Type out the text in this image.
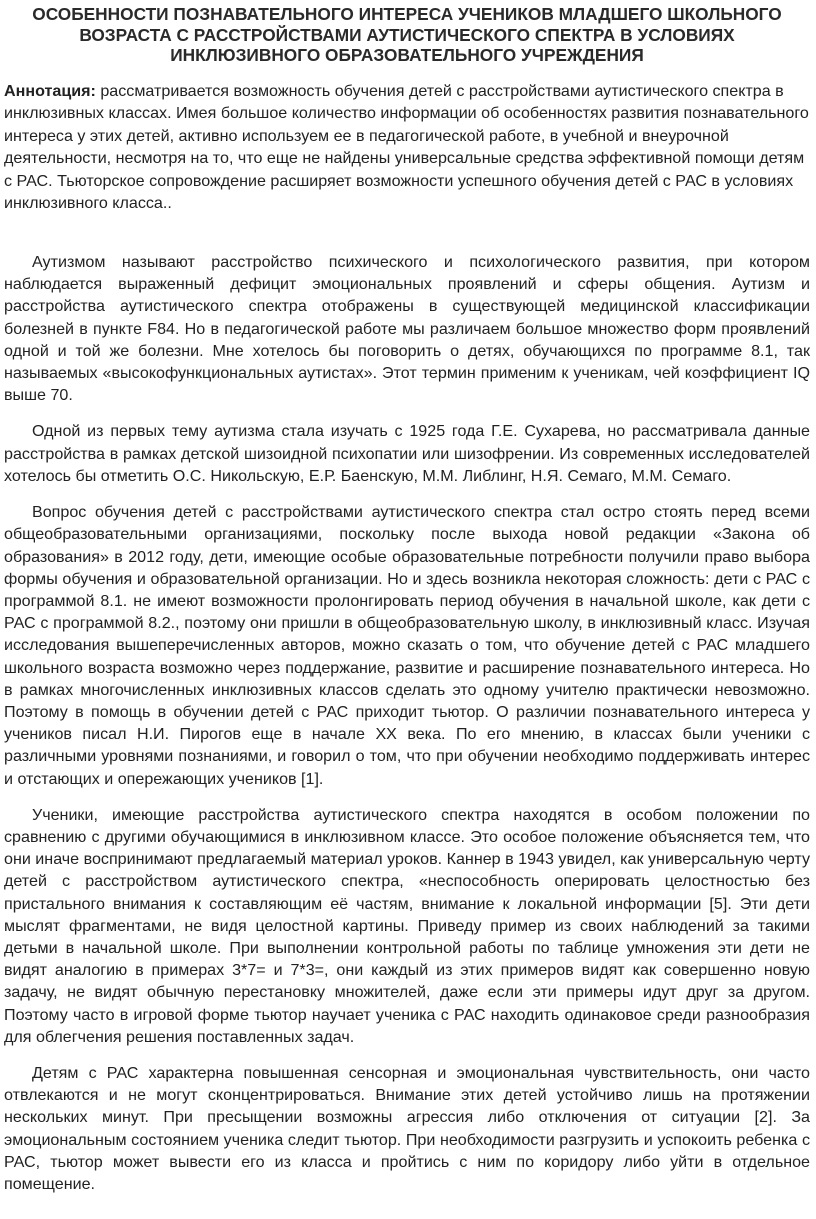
ОСОБЕННОСТИ ПОЗНАВАТЕЛЬНОГО ИНТЕРЕСА УЧЕНИКОВ МЛАДШЕГО ШКОЛЬНОГО ВОЗРАСТА С РАССТРОЙСТВАМИ АУТИСТИЧЕСКОГО СПЕКТРА В УСЛОВИЯХ ИНКЛЮЗИВНОГО ОБРАЗОВАТЕЛЬНОГО УЧРЕЖДЕНИЯ

Аннотация: рассматривается возможность обучения детей с расстройствами аутистического спектра в инклюзивных классах. Имея большое количество информации об особенностях развития познавательного интереса у этих детей, активно используем ее в педагогической работе, в учебной и внеурочной деятельности, несмотря на то, что еще не найдены универсальные средства эффективной помощи детям с РАС. Тьюторское сопровождение расширяет возможности успешного обучения детей с РАС в условиях инклюзивного класса..

Аутизмом называют расстройство психического и психологического развития, при котором наблюдается выраженный дефицит эмоциональных проявлений и сферы общения. Аутизм и расстройства аутистического спектра отображены в существующей медицинской классификации болезней в пункте F84. Но в педагогической работе мы различаем большое множество форм проявлений одной и той же болезни. Мне хотелось бы поговорить о детях, обучающихся по программе 8.1, так называемых «высокофункциональных аутистах». Этот термин применим к ученикам, чей коэффициент IQ выше 70.

Одной из первых тему аутизма стала изучать с 1925 года Г.Е. Сухарева, но рассматривала данные расстройства в рамках детской шизоидной психопатии или шизофрении. Из современных исследователей хотелось бы отметить О.С. Никольскую, Е.Р. Баенскую, М.М. Либлинг, Н.Я. Семаго, М.М. Семаго.

Вопрос обучения детей с расстройствами аутистического спектра стал остро стоять перед всеми общеобразовательными организациями, поскольку после выхода новой редакции «Закона об образования» в 2012 году, дети, имеющие особые образовательные потребности получили право выбора формы обучения и образовательной организации. Но и здесь возникла некоторая сложность: дети с РАС с программой 8.1. не имеют возможности пролонгировать период обучения в начальной школе, как дети с РАС с программой 8.2., поэтому они пришли в общеобразовательную школу, в инклюзивный класс. Изучая исследования вышеперечисленных авторов, можно сказать о том, что обучение детей с РАС младшего школьного возраста возможно через поддержание, развитие и расширение познавательного интереса. Но в рамках многочисленных инклюзивных классов сделать это одному учителю практически невозможно. Поэтому в помощь в обучении детей с РАС приходит тьютор. О различии познавательного интереса у учеников писал Н.И. Пирогов еще в начале XX века. По его мнению, в классах были ученики с различными уровнями познаниями, и говорил о том, что при обучении необходимо поддерживать интерес и отстающих и опережающих учеников [1].

Ученики, имеющие расстройства аутистического спектра находятся в особом положении по сравнению с другими обучающимися в инклюзивном классе. Это особое положение объясняется тем, что они иначе воспринимают предлагаемый материал уроков. Каннер в 1943 увидел, как универсальную черту детей с расстройством аутистического спектра, «неспособность оперировать целостностью без пристального внимания к составляющим её частям, внимание к локальной информации [5]. Эти дети мыслят фрагментами, не видя целостной картины. Приведу пример из своих наблюдений за такими детьми в начальной школе. При выполнении контрольной работы по таблице умножения эти дети не видят аналогию в примерах 3*7= и 7*3=, они каждый из этих примеров видят как совершенно новую задачу, не видят обычную перестановку множителей, даже если эти примеры идут друг за другом. Поэтому часто в игровой форме тьютор научает ученика с РАС находить одинаковое среди разнообразия для облегчения решения поставленных задач.

Детям с РАС характерна повышенная сенсорная и эмоциональная чувствительность, они часто отвлекаются и не могут сконцентрироваться. Внимание этих детей устойчиво лишь на протяжении нескольких минут. При пресыщении возможны агрессия либо отключения от ситуации [2]. За эмоциональным состоянием ученика следит тьютор. При необходимости разгрузить и успокоить ребенка с РАС, тьютор может вывести его из класса и пройтись с ним по коридору либо уйти в отдельное помещение.
